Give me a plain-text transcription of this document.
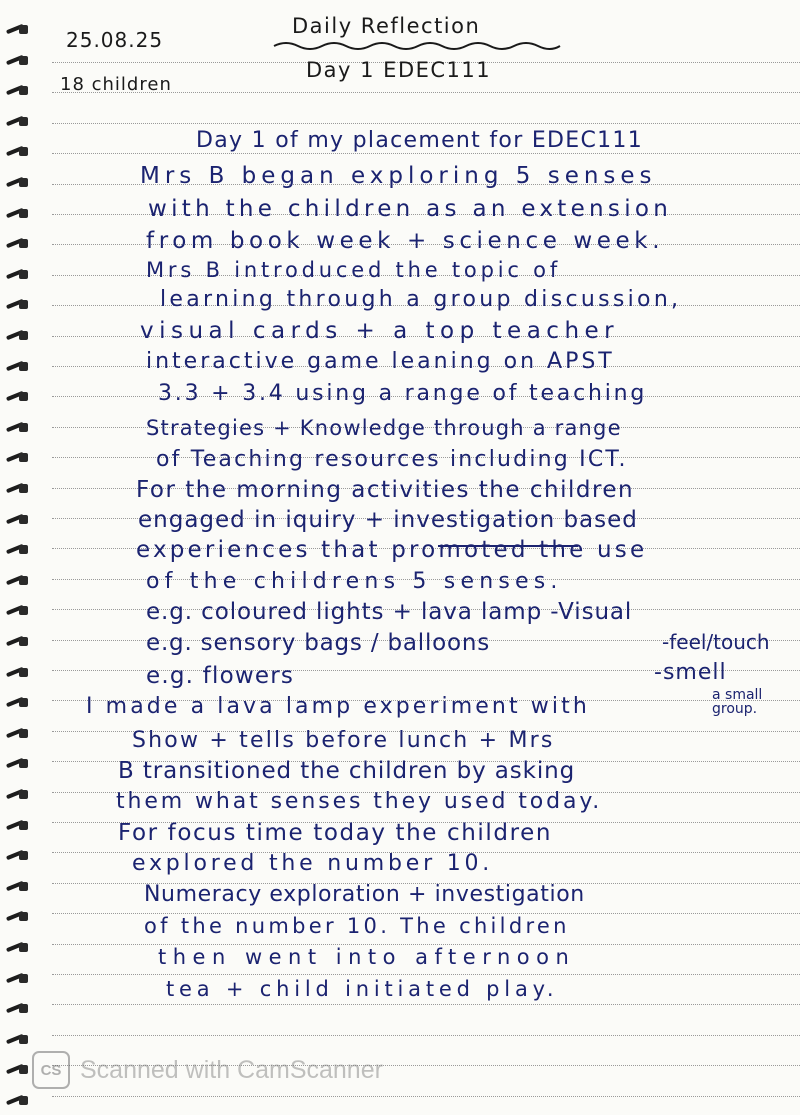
25.08.25
18 children
Daily Reflection
Day 1 EDEC111
Day 1 of my placement for EDEC111
Mrs B began exploring 5 senses
with the children as an extension
from book week + science week.
Mrs B introduced the topic of
learning through a group discussion,
visual cards + a top teacher
interactive game leaning on APST
3.3 + 3.4 using a range of teaching
Strategies + Knowledge through a range
of Teaching resources including ICT.
For the morning activities the children
engaged in iquiry + investigation based
experiences that promoted the use
of the childrens 5 senses.
e.g. coloured lights + lava lamp -Visual
e.g. sensory bags / balloons	-feel/touch
e.g. flowers	-smell
I made a lava lamp experiment with	a small group.
Show + tells before lunch + Mrs
B transitioned the children by asking
them what senses they used today.
For focus time today the children
explored the number 10.
Numeracy exploration + investigation
of the number 10. The children
then went into afternoon
tea + child initiated play.
CS Scanned with CamScanner
